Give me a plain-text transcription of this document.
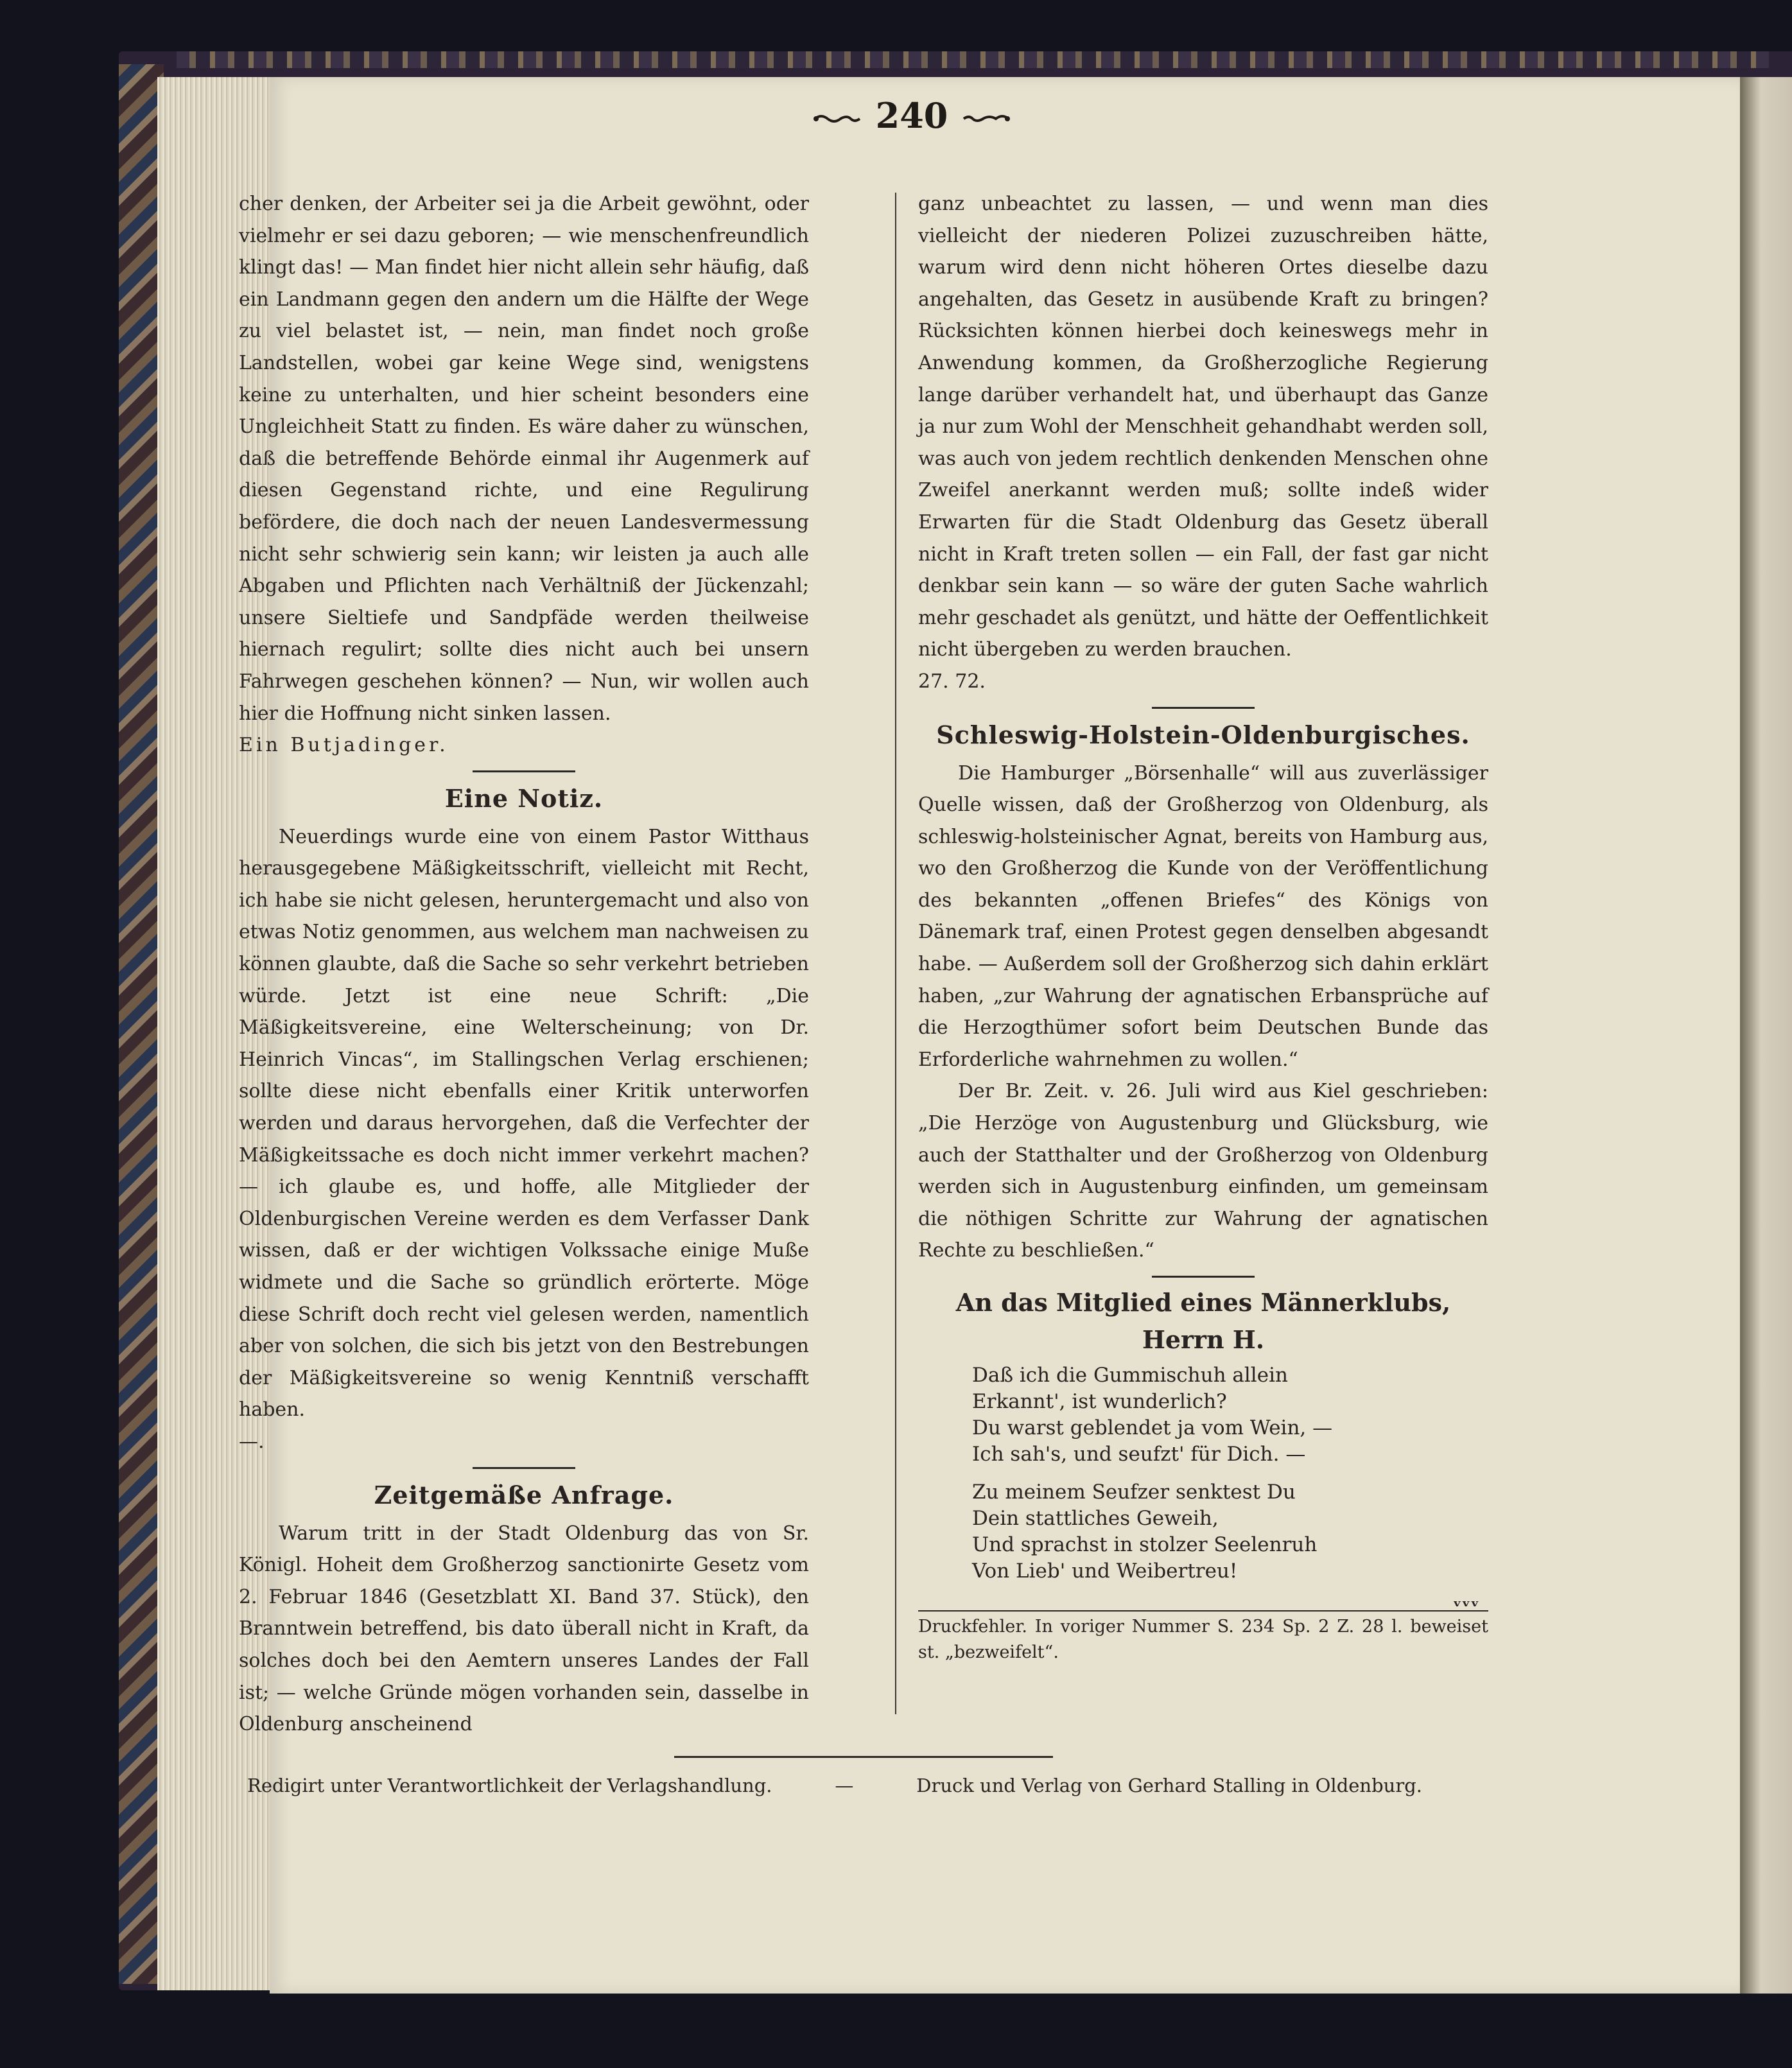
240

cher denken, der Arbeiter sei ja die Arbeit gewöhnt, oder vielmehr er sei dazu geboren; — wie menschenfreundlich klingt das! — Man findet hier nicht allein sehr häufig, daß ein Landmann gegen den andern um die Hälfte der Wege zu viel belastet ist, — nein, man findet noch große Landstellen, wobei gar keine Wege sind, wenigstens keine zu unterhalten, und hier scheint besonders eine Ungleichheit Statt zu finden. Es wäre daher zu wünschen, daß die betreffende Behörde einmal ihr Augenmerk auf diesen Gegenstand richte, und eine Regulirung befördere, die doch nach der neuen Landesvermessung nicht sehr schwierig sein kann; wir leisten ja auch alle Abgaben und Pflichten nach Verhältniß der Jückenzahl; unsere Sieltiefe und Sandpfäde werden theilweise hiernach regulirt; sollte dies nicht auch bei unsern Fahrwegen geschehen können? — Nun, wir wollen auch hier die Hoffnung nicht sinken lassen.

Ein Butjadinger.

Eine Notiz.

Neuerdings wurde eine von einem Pastor Witthaus herausgegebene Mäßigkeitsschrift, vielleicht mit Recht, ich habe sie nicht gelesen, heruntergemacht und also von etwas Notiz genommen, aus welchem man nachweisen zu können glaubte, daß die Sache so sehr verkehrt betrieben würde. Jetzt ist eine neue Schrift: „Die Mäßigkeitsvereine, eine Welterscheinung; von Dr. Heinrich Vincas“, im Stallingschen Verlag erschienen; sollte diese nicht ebenfalls einer Kritik unterworfen werden und daraus hervorgehen, daß die Verfechter der Mäßigkeitssache es doch nicht immer verkehrt machen? — ich glaube es, und hoffe, alle Mitglieder der Oldenburgischen Vereine werden es dem Verfasser Dank wissen, daß er der wichtigen Volkssache einige Muße widmete und die Sache so gründlich erörterte. Möge diese Schrift doch recht viel gelesen werden, namentlich aber von solchen, die sich bis jetzt von den Bestrebungen der Mäßigkeitsvereine so wenig Kenntniß verschafft haben.

—.

Zeitgemäße Anfrage.

Warum tritt in der Stadt Oldenburg das von Sr. Königl. Hoheit dem Großherzog sanctionirte Gesetz vom 2. Februar 1846 (Gesetzblatt XI. Band 37. Stück), den Branntwein betreffend, bis dato überall nicht in Kraft, da solches doch bei den Aemtern unseres Landes der Fall ist; — welche Gründe mögen vorhanden sein, dasselbe in Oldenburg anscheinend

ganz unbeachtet zu lassen, — und wenn man dies vielleicht der niederen Polizei zuzuschreiben hätte, warum wird denn nicht höheren Ortes dieselbe dazu angehalten, das Gesetz in ausübende Kraft zu bringen? Rücksichten können hierbei doch keineswegs mehr in Anwendung kommen, da Großherzogliche Regierung lange darüber verhandelt hat, und überhaupt das Ganze ja nur zum Wohl der Menschheit gehandhabt werden soll, was auch von jedem rechtlich denkenden Menschen ohne Zweifel anerkannt werden muß; sollte indeß wider Erwarten für die Stadt Oldenburg das Gesetz überall nicht in Kraft treten sollen — ein Fall, der fast gar nicht denkbar sein kann — so wäre der guten Sache wahrlich mehr geschadet als genützt, und hätte der Oeffentlichkeit nicht übergeben zu werden brauchen.

27. 72.

Schleswig-Holstein-Oldenburgisches.

Die Hamburger „Börsenhalle“ will aus zuverlässiger Quelle wissen, daß der Großherzog von Oldenburg, als schleswig-holsteinischer Agnat, bereits von Hamburg aus, wo den Großherzog die Kunde von der Veröffentlichung des bekannten „offenen Briefes“ des Königs von Dänemark traf, einen Protest gegen denselben abgesandt habe. — Außerdem soll der Großherzog sich dahin erklärt haben, „zur Wahrung der agnatischen Erbansprüche auf die Herzogthümer sofort beim Deutschen Bunde das Erforderliche wahrnehmen zu wollen.“

Der Br. Zeit. v. 26. Juli wird aus Kiel geschrieben: „Die Herzöge von Augustenburg und Glücksburg, wie auch der Statthalter und der Großherzog von Oldenburg werden sich in Augustenburg einfinden, um gemeinsam die nöthigen Schritte zur Wahrung der agnatischen Rechte zu beschließen.“

An das Mitglied eines Männerklubs,
Herrn H.
Daß ich die Gummischuh allein
Erkannt', ist wunderlich?
Du warst geblendet ja vom Wein, —
Ich sah's, und seufzt' für Dich. —
Zu meinem Seufzer senktest Du
Dein stattliches Geweih,
Und sprachst in stolzer Seelenruh
Von Lieb' und Weibertreu!
ᵥᵥᵥ

Druckfehler. In voriger Nummer S. 234 Sp. 2 Z. 28 l. beweiset st. „bezweifelt“.

Redigirt unter Verantwortlichkeit der Verlagshandlung.	—	Druck und Verlag von Gerhard Stalling in Oldenburg.
